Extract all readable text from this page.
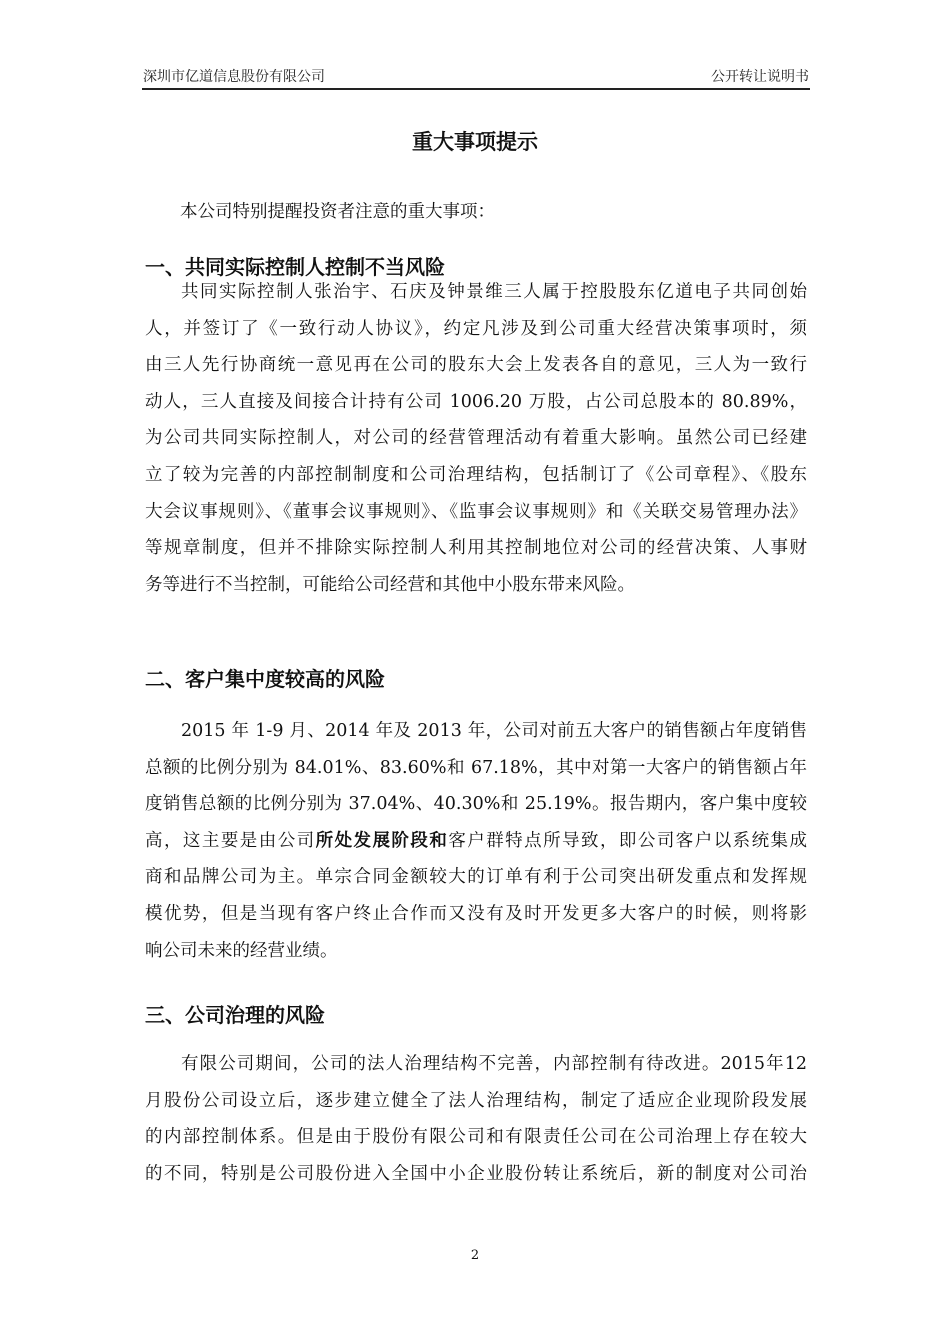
深圳市亿道信息股份有限公司	公开转让说明书
重大事项提示
本公司特别提醒投资者注意的重大事项：
一、共同实际控制人控制不当风险
共同实际控制人张治宇、石庆及钟景维三人属于控股股东亿道电子共同创始
人，并签订了《一致行动人协议》，约定凡涉及到公司重大经营决策事项时，须
由三人先行协商统一意见再在公司的股东大会上发表各自的意见，三人为一致行
动人，三人直接及间接合计持有公司 1006.20 万股，占公司总股本的 80.89%，
为公司共同实际控制人，对公司的经营管理活动有着重大影响。虽然公司已经建
立了较为完善的内部控制制度和公司治理结构，包括制订了《公司章程》、《股东
大会议事规则》、《董事会议事规则》、《监事会议事规则》和《关联交易管理办法》
等规章制度，但并不排除实际控制人利用其控制地位对公司的经营决策、人事财
务等进行不当控制，可能给公司经营和其他中小股东带来风险。
二、客户集中度较高的风险
2015 年 1-9 月、2014 年及 2013 年，公司对前五大客户的销售额占年度销售
总额的比例分别为 84.01%、83.60%和 67.18%，其中对第一大客户的销售额占年
度销售总额的比例分别为 37.04%、40.30%和 25.19%。报告期内，客户集中度较
高，这主要是由公司所处发展阶段和客户群特点所导致，即公司客户以系统集成
商和品牌公司为主。单宗合同金额较大的订单有利于公司突出研发重点和发挥规
模优势，但是当现有客户终止合作而又没有及时开发更多大客户的时候，则将影
响公司未来的经营业绩。
三、公司治理的风险
有限公司期间，公司的法人治理结构不完善，内部控制有待改进。2015年12
月股份公司设立后，逐步建立健全了法人治理结构，制定了适应企业现阶段发展
的内部控制体系。但是由于股份有限公司和有限责任公司在公司治理上存在较大
的不同，特别是公司股份进入全国中小企业股份转让系统后，新的制度对公司治
2
